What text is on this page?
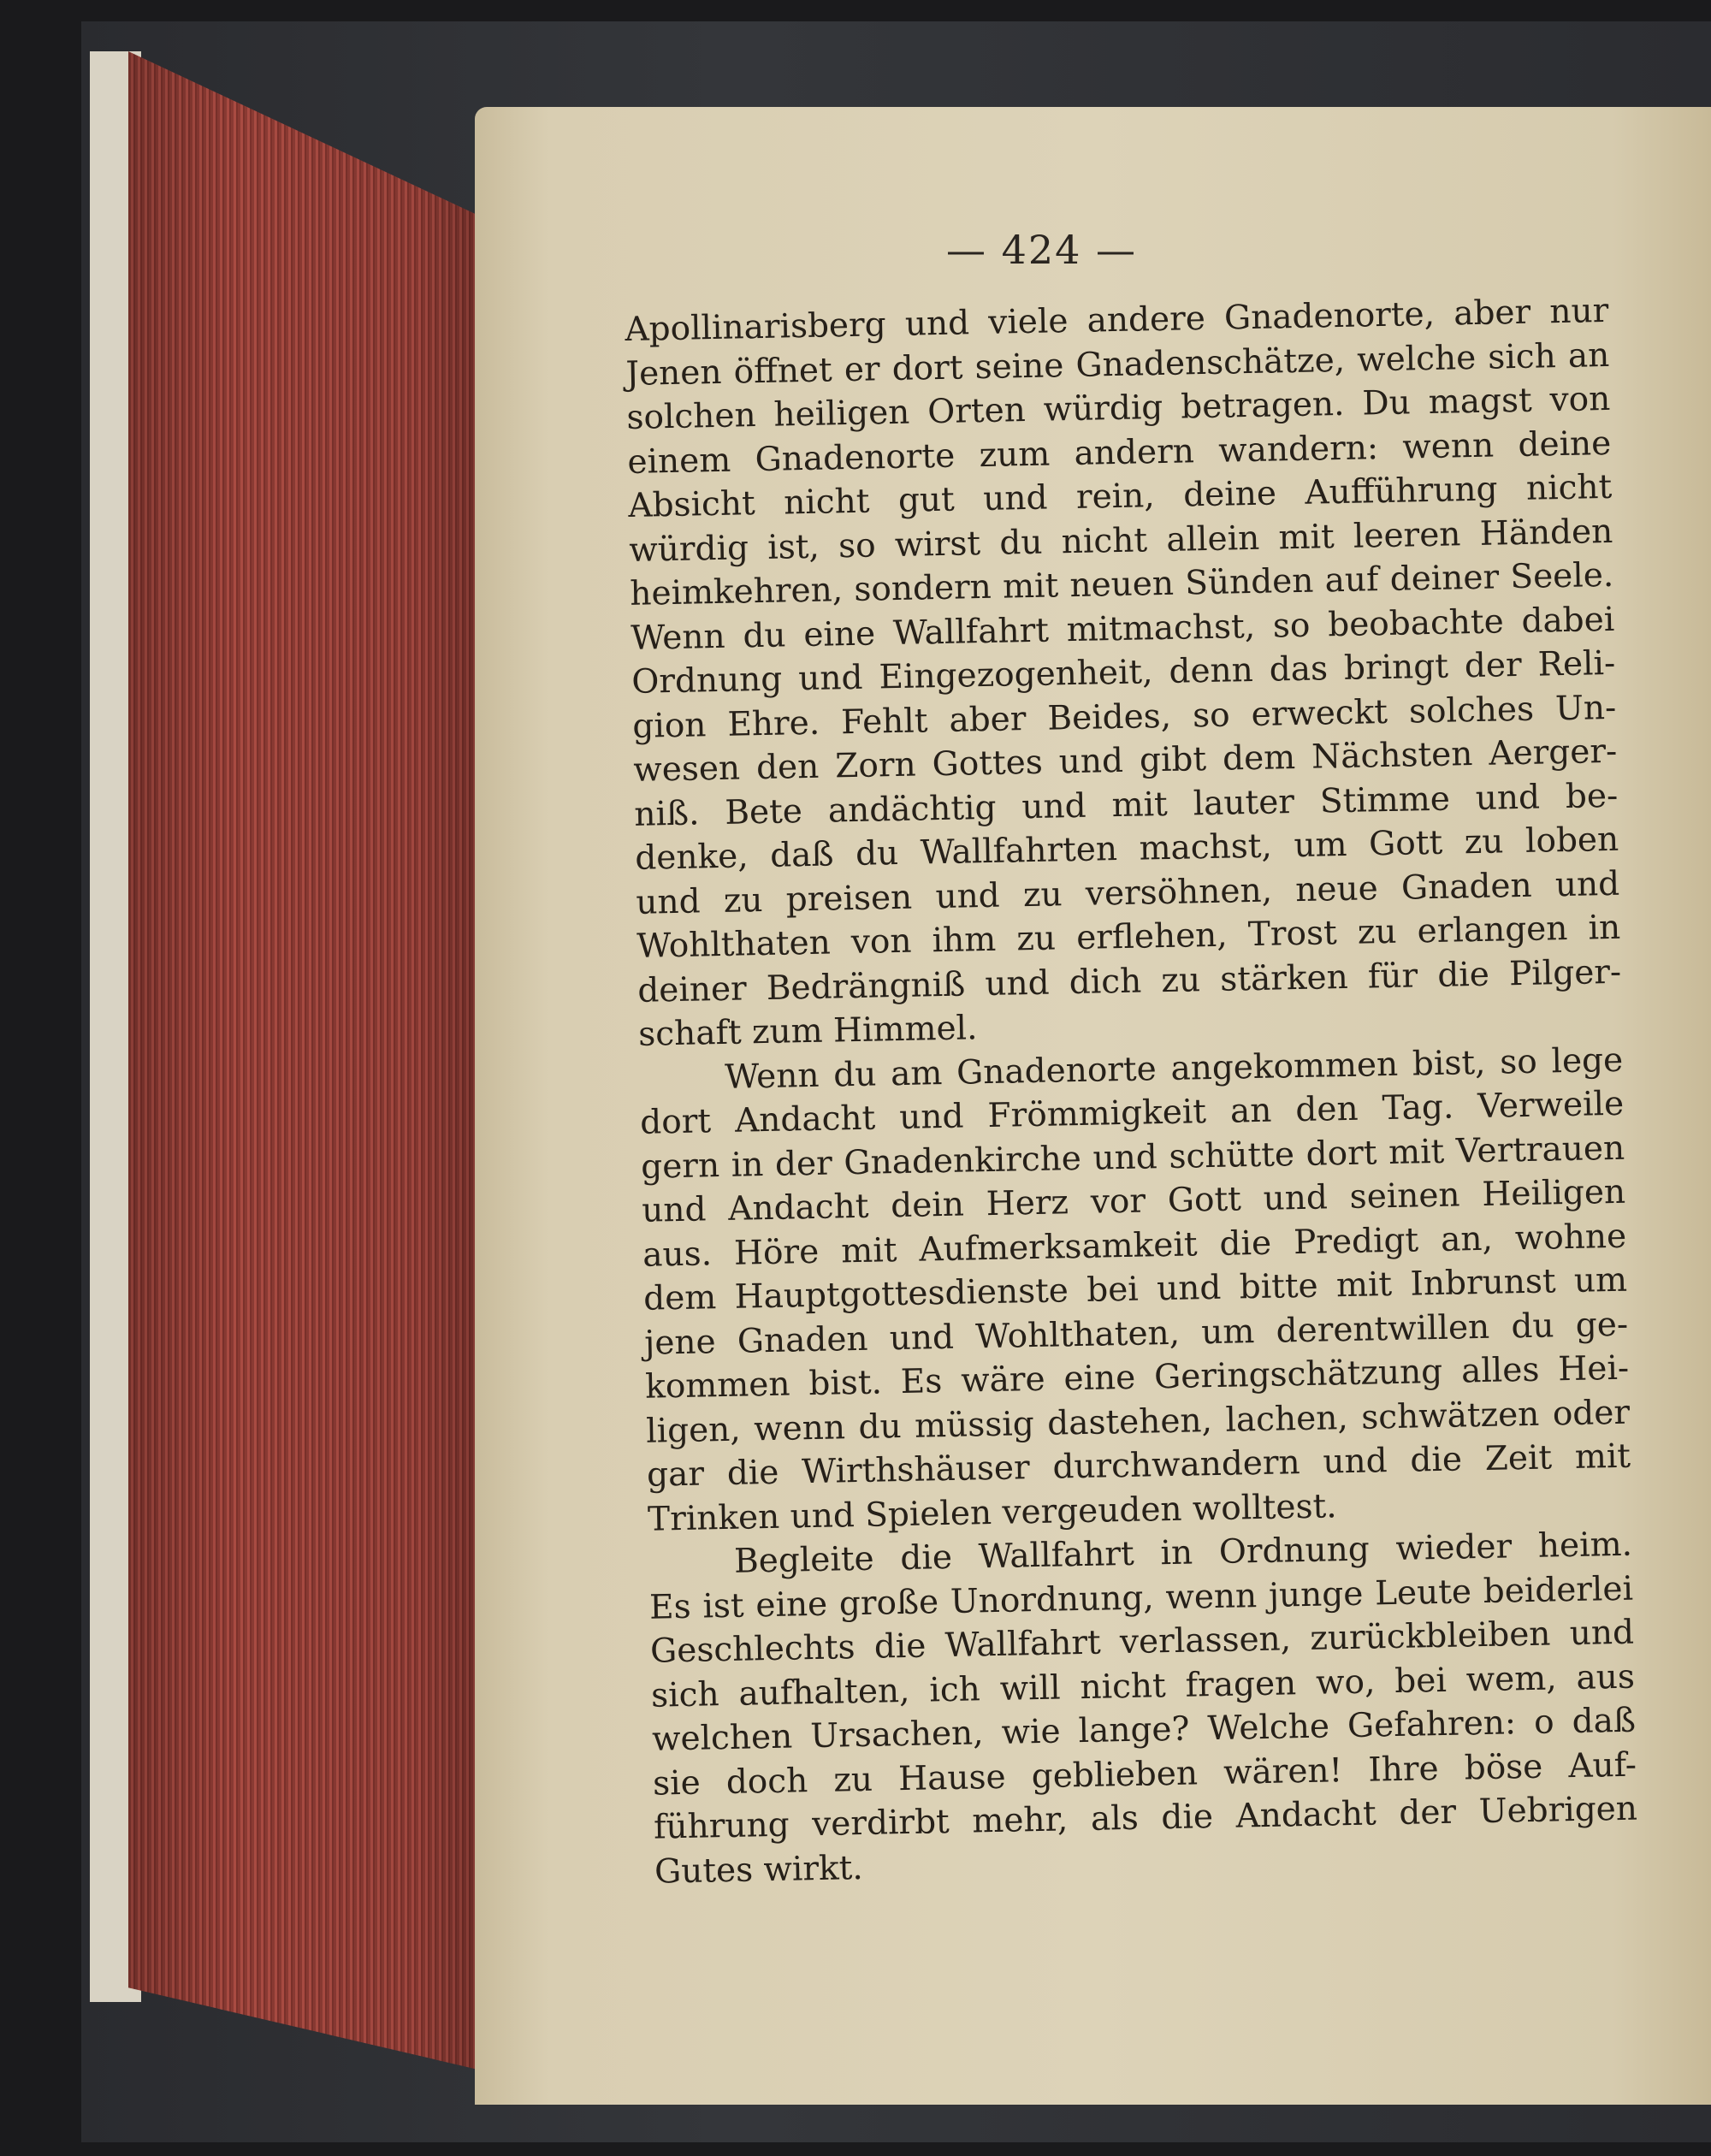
— 424 —
Apollinarisberg und viele andere Gnadenorte, aber nur
Jenen öffnet er dort seine Gnadenschätze, welche sich an
solchen heiligen Orten würdig betragen. Du magst von
einem Gnadenorte zum andern wandern: wenn deine
Absicht nicht gut und rein, deine Aufführung nicht
würdig ist, so wirst du nicht allein mit leeren Händen
heimkehren, sondern mit neuen Sünden auf deiner Seele.
Wenn du eine Wallfahrt mitmachst, so beobachte dabei
Ordnung und Eingezogenheit, denn das bringt der Reli-
gion Ehre. Fehlt aber Beides, so erweckt solches Un-
wesen den Zorn Gottes und gibt dem Nächsten Aerger-
niß. Bete andächtig und mit lauter Stimme und be-
denke, daß du Wallfahrten machst, um Gott zu loben
und zu preisen und zu versöhnen, neue Gnaden und
Wohlthaten von ihm zu erflehen, Trost zu erlangen in
deiner Bedrängniß und dich zu stärken für die Pilger-
schaft zum Himmel.
Wenn du am Gnadenorte angekommen bist, so lege
dort Andacht und Frömmigkeit an den Tag. Verweile
gern in der Gnadenkirche und schütte dort mit Vertrauen
und Andacht dein Herz vor Gott und seinen Heiligen
aus. Höre mit Aufmerksamkeit die Predigt an, wohne
dem Hauptgottesdienste bei und bitte mit Inbrunst um
jene Gnaden und Wohlthaten, um derentwillen du ge-
kommen bist. Es wäre eine Geringschätzung alles Hei-
ligen, wenn du müssig dastehen, lachen, schwätzen oder
gar die Wirthshäuser durchwandern und die Zeit mit
Trinken und Spielen vergeuden wolltest.
Begleite die Wallfahrt in Ordnung wieder heim.
Es ist eine große Unordnung, wenn junge Leute beiderlei
Geschlechts die Wallfahrt verlassen, zurückbleiben und
sich aufhalten, ich will nicht fragen wo, bei wem, aus
welchen Ursachen, wie lange? Welche Gefahren: o daß
sie doch zu Hause geblieben wären! Ihre böse Auf-
führung verdirbt mehr, als die Andacht der Uebrigen
Gutes wirkt.
